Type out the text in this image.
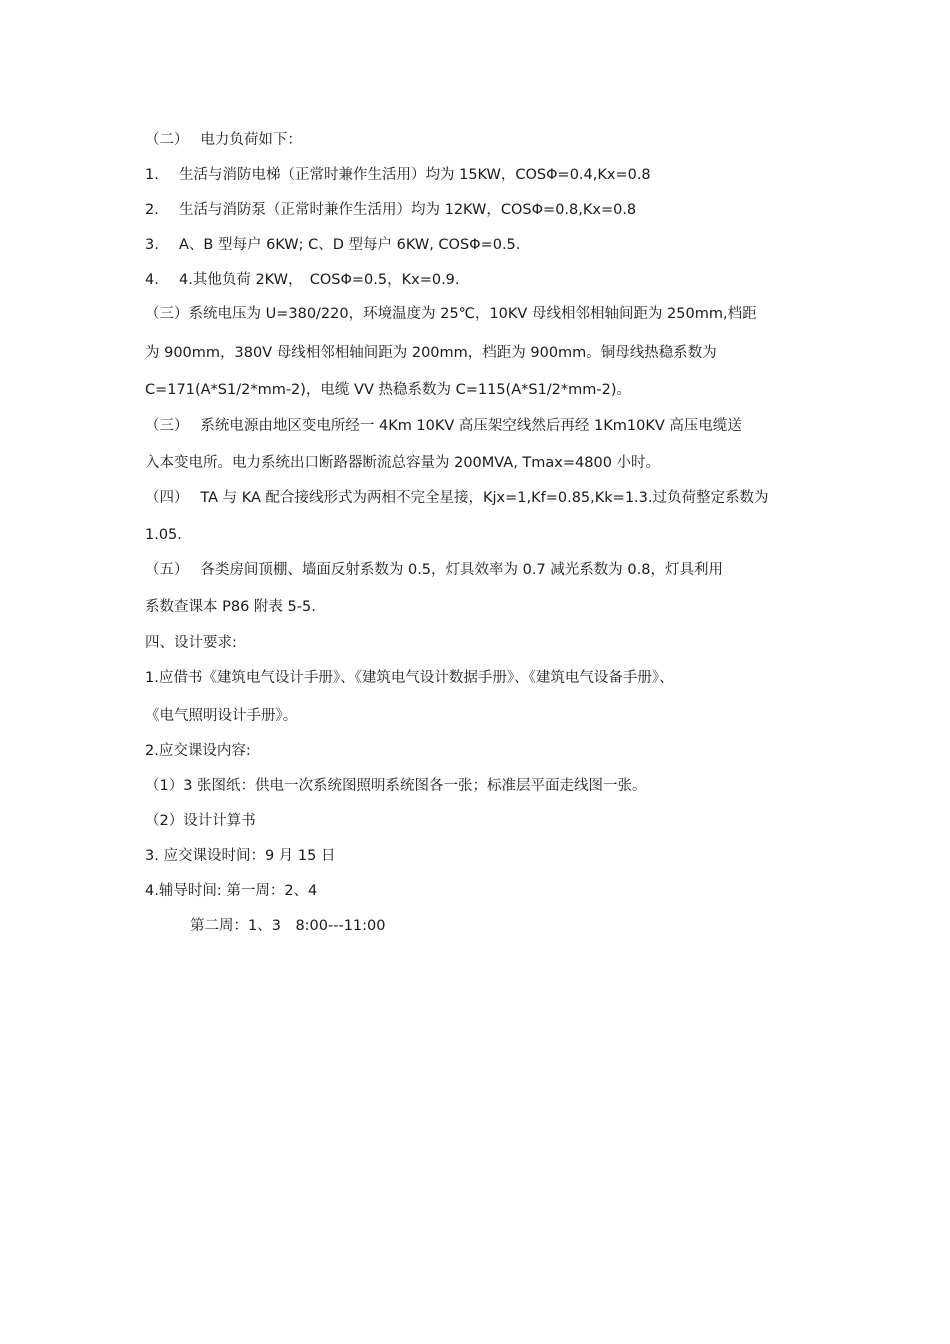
（二）　 电力负荷如下：
1. 生活与消防电梯（正常时兼作生活用）均为 15KW，COSΦ=0.4,Kx=0.8
2. 生活与消防泵（正常时兼作生活用）均为 12KW，COSΦ=0.8,Kx=0.8
3. A、B 型每户 6KW; C、D 型每户 6KW, COSΦ=0.5.
4. 4.其他负荷 2KW，　COSΦ=0.5，Kx=0.9.
（三）系统电压为 U=380/220，环境温度为 25℃，10KV 母线相邻相轴间距为 250mm,档距
为 900mm，380V 母线相邻相轴间距为 200mm，档距为 900mm。铜母线热稳系数为
C=171(A*S1/2*mm-2)，电缆 VV 热稳系数为 C=115(A*S1/2*mm-2)。
（三）　 系统电源由地区变电所经一 4Km 10KV 高压架空线然后再经 1Km10KV 高压电缆送
入本变电所。电力系统出口断路器断流总容量为 200MVA, Tmax=4800 小时。
（四）　 TA 与 KA 配合接线形式为两相不完全星接，Kjx=1,Kf=0.85,Kk=1.3.过负荷整定系数为
1.05.
（五）　 各类房间顶棚、墙面反射系数为 0.5，灯具效率为 0.7 减光系数为 0.8，灯具利用
系数查课本 P86 附表 5-5.
四、设计要求:
1.应借书《建筑电气设计手册》、《建筑电气设计数据手册》、《建筑电气设备手册》、
《电气照明设计手册》。
2.应交课设内容:
（1）3 张图纸：供电一次系统图照明系统图各一张；标准层平面走线图一张。
（2）设计计算书
3. 应交课设时间：9 月 15 日
4.辅导时间: 第一周：2、4
第二周：1、3　8:00---11:00
